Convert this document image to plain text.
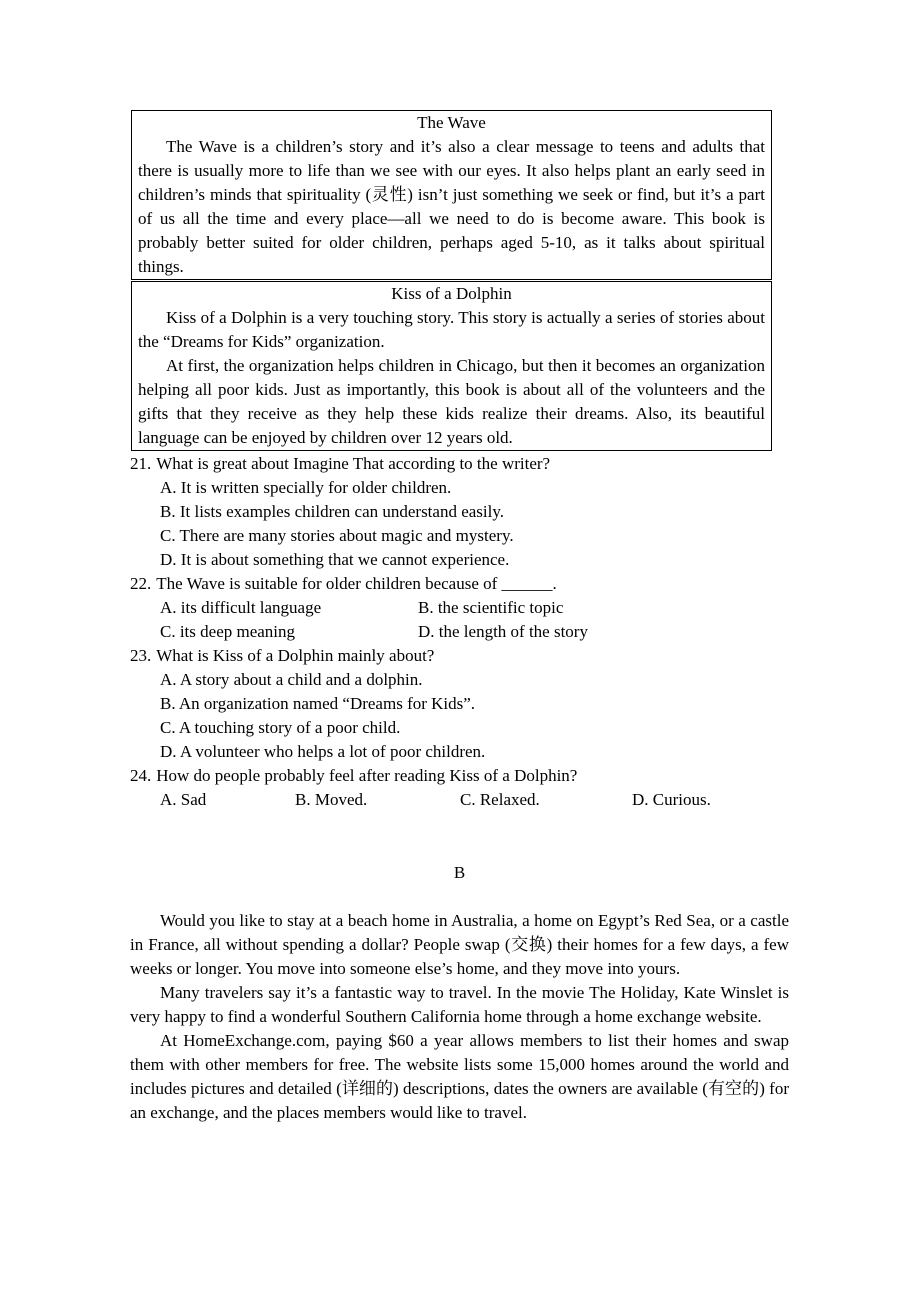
The Wave

The Wave is a children’s story and it’s also a clear message to teens and adults that there is usually more to life than we see with our eyes. It also helps plant an early seed in children’s minds that spirituality (灵性) isn’t just something we seek or find, but it’s a part of us all the time and every place—all we need to do is become aware. This book is probably better suited for older children, perhaps aged 5-10, as it talks about spiritual things.

Kiss of a Dolphin

Kiss of a Dolphin is a very touching story. This story is actually a series of stories about the “Dreams for Kids” organization.

At first, the organization helps children in Chicago, but then it becomes an organization helping all poor kids. Just as importantly, this book is about all of the volunteers and the gifts that they receive as they help these kids realize their dreams. Also, its beautiful language can be enjoyed by children over 12 years old.

21. What is great about Imagine That according to the writer?
A. It is written specially for older children.
B. It lists examples children can understand easily.
C. There are many stories about magic and mystery.
D. It is about something that we cannot experience.
22. The Wave is suitable for older children because of ______.
A. its difficult language	B. the scientific topic
C. its deep meaning	D. the length of the story
23. What is Kiss of a Dolphin mainly about?
A. A story about a child and a dolphin.
B. An organization named “Dreams for Kids”.
C. A touching story of a poor child.
D. A volunteer who helps a lot of poor children.
24. How do people probably feel after reading Kiss of a Dolphin?
A. Sad	B. Moved.	C. Relaxed.	D. Curious.
B

Would you like to stay at a beach home in Australia, a home on Egypt’s Red Sea, or a castle in France, all without spending a dollar? People swap (交换) their homes for a few days, a few weeks or longer. You move into someone else’s home, and they move into yours.

Many travelers say it’s a fantastic way to travel. In the movie The Holiday, Kate Winslet is very happy to find a wonderful Southern California home through a home exchange website.

At HomeExchange.com, paying $60 a year allows members to list their homes and swap them with other members for free. The website lists some 15,000 homes around the world and includes pictures and detailed (详细的) descriptions, dates the owners are available (有空的) for an exchange, and the places members would like to travel.
